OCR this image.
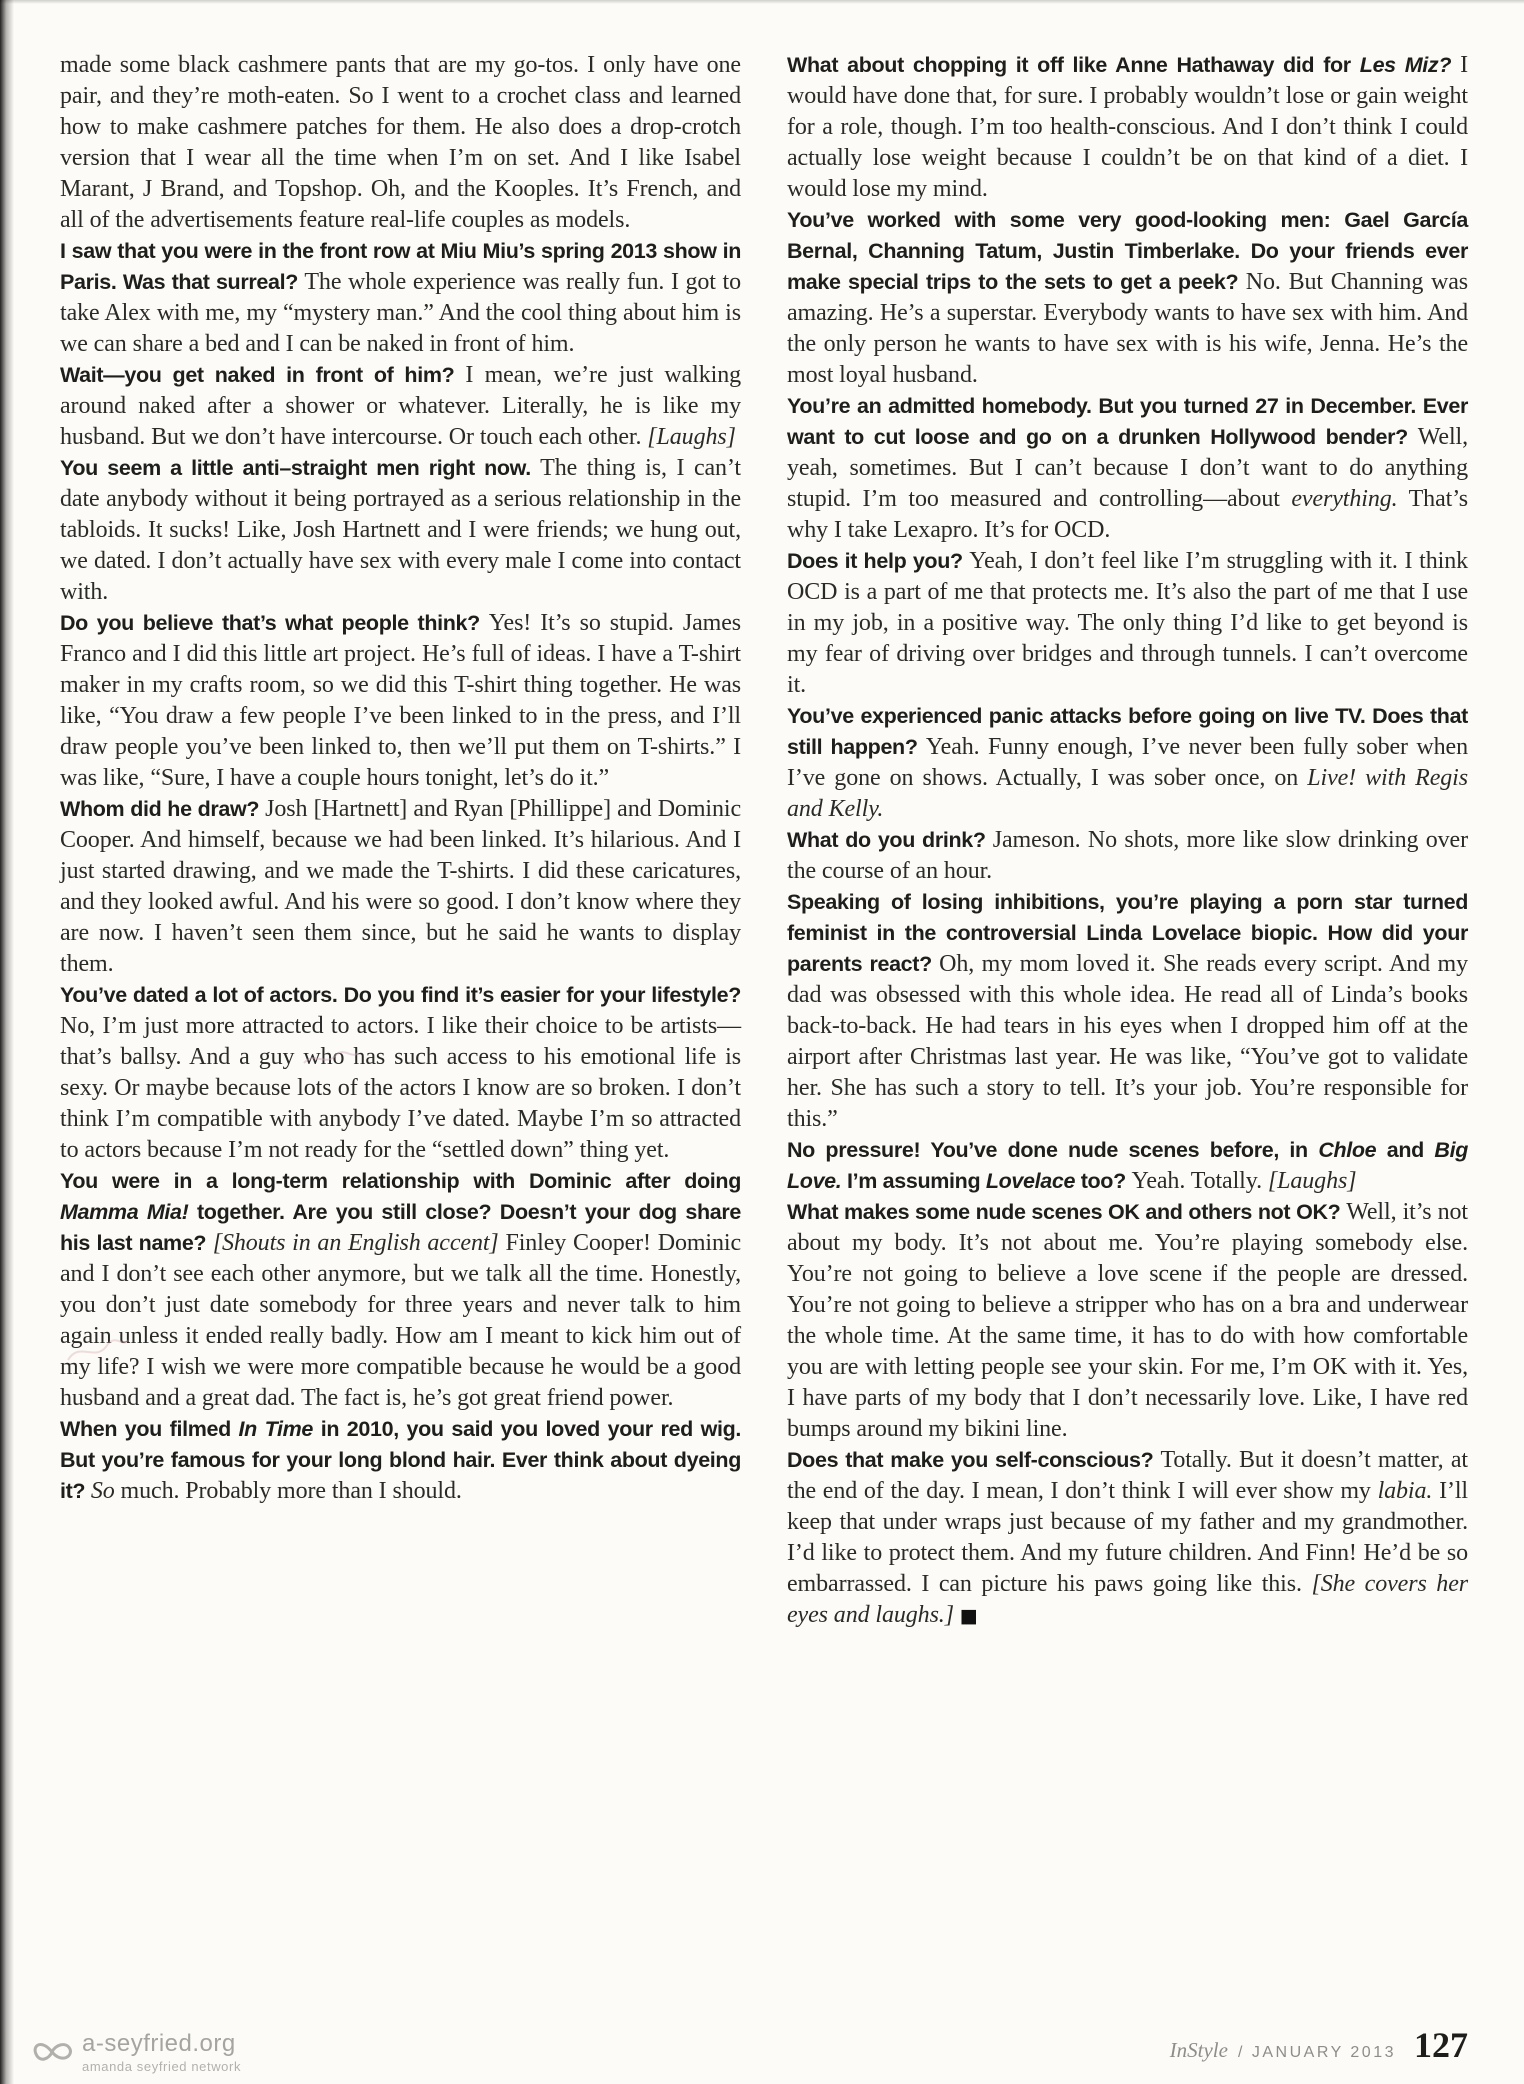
made some black cashmere pants that are my go-tos. I only have one pair, and they’re moth-eaten. So I went to a crochet class and learned how to make cashmere patches for them. He also does a drop-crotch version that I wear all the time when I’m on set. And I like Isabel Marant, J Brand, and Topshop. Oh, and the Kooples. It’s French, and all of the advertisements feature real-life couples as models.

I saw that you were in the front row at Miu Miu’s spring 2013 show in Paris. Was that surreal? The whole experience was really fun. I got to take Alex with me, my “mystery man.” And the cool thing about him is we can share a bed and I can be naked in front of him.

Wait—you get naked in front of him? I mean, we’re just walking around naked after a shower or whatever. Literally, he is like my husband. But we don’t have intercourse. Or touch each other. [Laughs]

You seem a little anti–straight men right now. The thing is, I can’t date anybody without it being portrayed as a serious relationship in the tabloids. It sucks! Like, Josh Hartnett and I were friends; we hung out, we dated. I don’t actually have sex with every male I come into contact with.

Do you believe that’s what people think? Yes! It’s so stupid. James Franco and I did this little art project. He’s full of ideas. I have a T-shirt maker in my crafts room, so we did this T-shirt thing together. He was like, “You draw a few people I’ve been linked to in the press, and I’ll draw people you’ve been linked to, then we’ll put them on T-shirts.” I was like, “Sure, I have a couple hours tonight, let’s do it.”

Whom did he draw? Josh [Hartnett] and Ryan [Phillippe] and Dominic Cooper. And himself, because we had been linked. It’s hilarious. And I just started drawing, and we made the T-shirts. I did these caricatures, and they looked awful. And his were so good. I don’t know where they are now. I haven’t seen them since, but he said he wants to display them.

You’ve dated a lot of actors. Do you find it’s easier for your lifestyle? No, I’m just more attracted to actors. I like their choice to be artists—that’s ballsy. And a guy who has such access to his emotional life is sexy. Or maybe because lots of the actors I know are so broken. I don’t think I’m compatible with anybody I’ve dated. Maybe I’m so attracted to actors because I’m not ready for the “settled down” thing yet.

You were in a long-term relationship with Dominic after doing Mamma Mia! together. Are you still close? Doesn’t your dog share his last name? [Shouts in an English accent] Finley Cooper! Dominic and I don’t see each other anymore, but we talk all the time. Honestly, you don’t just date somebody for three years and never talk to him again unless it ended really badly. How am I meant to kick him out of my life? I wish we were more compatible because he would be a good husband and a great dad. The fact is, he’s got great friend power.

When you filmed In Time in 2010, you said you loved your red wig. But you’re famous for your long blond hair. Ever think about dyeing it? So much. Probably more than I should.

What about chopping it off like Anne Hathaway did for Les Miz? I would have done that, for sure. I probably wouldn’t lose or gain weight for a role, though. I’m too health-conscious. And I don’t think I could actually lose weight because I couldn’t be on that kind of a diet. I would lose my mind.

You’ve worked with some very good-looking men: Gael García Bernal, Channing Tatum, Justin Timberlake. Do your friends ever make special trips to the sets to get a peek? No. But Channing was amazing. He’s a superstar. Everybody wants to have sex with him. And the only person he wants to have sex with is his wife, Jenna. He’s the most loyal husband.

You’re an admitted homebody. But you turned 27 in December. Ever want to cut loose and go on a drunken Hollywood bender? Well, yeah, sometimes. But I can’t because I don’t want to do anything stupid. I’m too measured and controlling—about everything. That’s why I take Lexapro. It’s for OCD.

Does it help you? Yeah, I don’t feel like I’m struggling with it. I think OCD is a part of me that protects me. It’s also the part of me that I use in my job, in a positive way. The only thing I’d like to get beyond is my fear of driving over bridges and through tunnels. I can’t overcome it.

You’ve experienced panic attacks before going on live TV. Does that still happen? Yeah. Funny enough, I’ve never been fully sober when I’ve gone on shows. Actually, I was sober once, on Live! with Regis and Kelly.

What do you drink? Jameson. No shots, more like slow drinking over the course of an hour.

Speaking of losing inhibitions, you’re playing a porn star turned feminist in the controversial Linda Lovelace biopic. How did your parents react? Oh, my mom loved it. She reads every script. And my dad was obsessed with this whole idea. He read all of Linda’s books back-to-back. He had tears in his eyes when I dropped him off at the airport after Christmas last year. He was like, “You’ve got to validate her. She has such a story to tell. It’s your job. You’re responsible for this.”

No pressure! You’ve done nude scenes before, in Chloe and Big Love. I’m assuming Lovelace too? Yeah. Totally. [Laughs]

What makes some nude scenes OK and others not OK? Well, it’s not about my body. It’s not about me. You’re playing somebody else. You’re not going to believe a love scene if the people are dressed. You’re not going to believe a stripper who has on a bra and underwear the whole time. At the same time, it has to do with how comfortable you are with letting people see your skin. For me, I’m OK with it. Yes, I have parts of my body that I don’t necessarily love. Like, I have red bumps around my bikini line.

Does that make you self-conscious? Totally. But it doesn’t matter, at the end of the day. I mean, I don’t think I will ever show my labia. I’ll keep that under wraps just because of my father and my grandmother. I’d like to protect them. And my future children. And Finn! He’d be so embarrassed. I can picture his paws going like this. [She covers her eyes and laughs.] ■

a-seyfried.org
amanda seyfried network
InStyle / JANUARY 2013 127
